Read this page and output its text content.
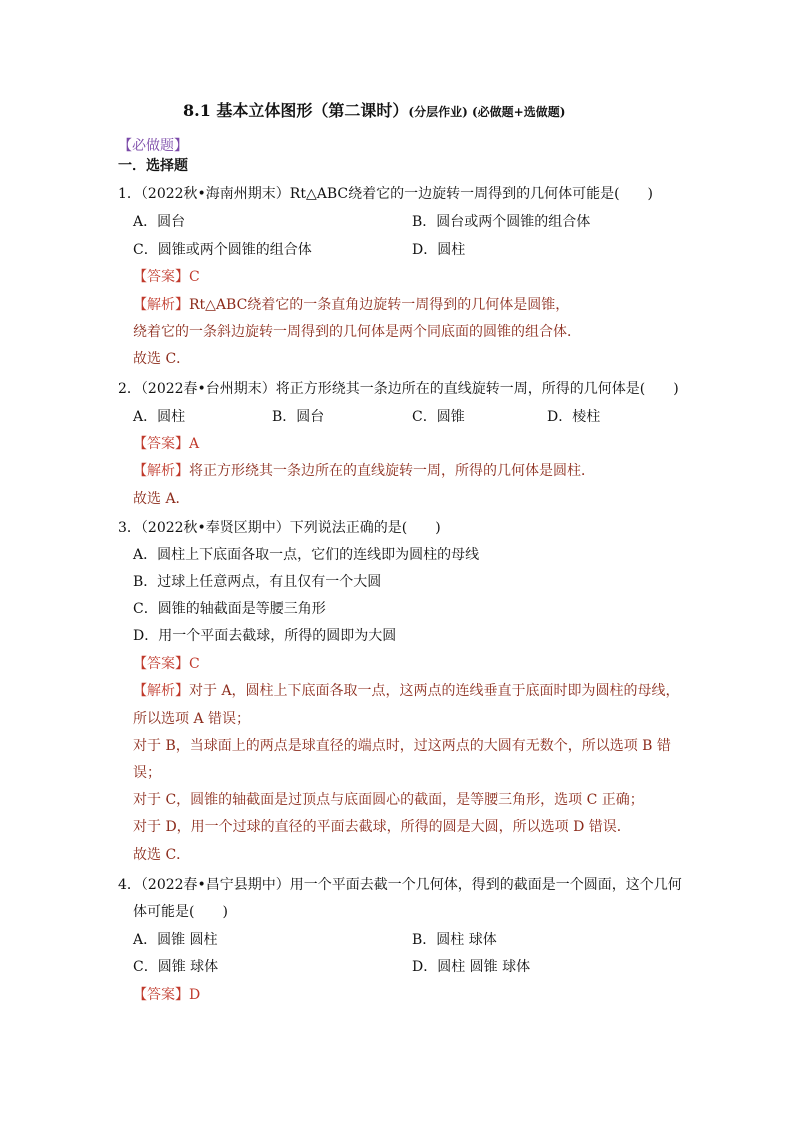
8.1 基本立体图形（第二课时）(分层作业) (必做题+选做题)
【必做题】
一．选择题
1．（2022秋•海南州期末）Rt△ABC绕着它的一边旋转一周得到的几何体可能是(　　)
A．圆台	B．圆台或两个圆锥的组合体
C．圆锥或两个圆锥的组合体	D．圆柱
【答案】C
【解析】Rt△ABC绕着它的一条直角边旋转一周得到的几何体是圆锥，
绕着它的一条斜边旋转一周得到的几何体是两个同底面的圆锥的组合体．
故选 C．
2．（2022春•台州期末）将正方形绕其一条边所在的直线旋转一周，所得的几何体是(　　)
A．圆柱	B．圆台	C．圆锥	D．棱柱
【答案】A
【解析】将正方形绕其一条边所在的直线旋转一周，所得的几何体是圆柱．
故选 A．
3．（2022秋•奉贤区期中）下列说法正确的是(　　)
A．圆柱上下底面各取一点，它们的连线即为圆柱的母线
B．过球上任意两点，有且仅有一个大圆
C．圆锥的轴截面是等腰三角形
D．用一个平面去截球，所得的圆即为大圆
【答案】C
【解析】对于 A，圆柱上下底面各取一点，这两点的连线垂直于底面时即为圆柱的母线，
所以选项 A 错误；
对于 B，当球面上的两点是球直径的端点时，过这两点的大圆有无数个，所以选项 B 错
误；
对于 C，圆锥的轴截面是过顶点与底面圆心的截面，是等腰三角形，选项 C 正确；
对于 D，用一个过球的直径的平面去截球，所得的圆是大圆，所以选项 D 错误．
故选 C．
4．（2022春•昌宁县期中）用一个平面去截一个几何体，得到的截面是一个圆面，这个几何
体可能是(　　)
A．圆锥 圆柱	B．圆柱 球体
C．圆锥 球体	D．圆柱 圆锥 球体
【答案】D
